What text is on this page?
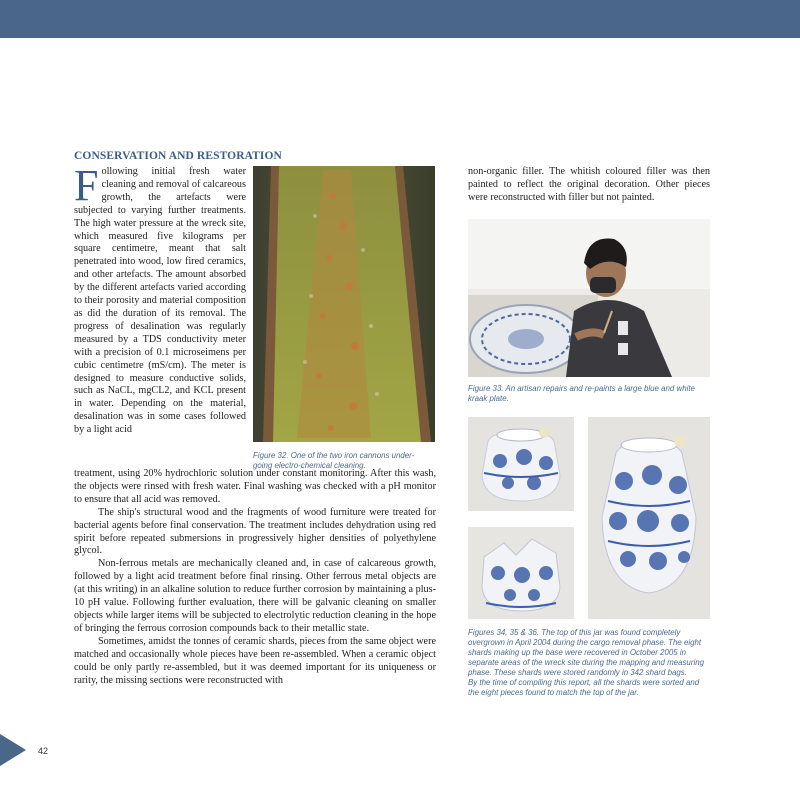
CONSERVATION AND RESTORATION
Following initial fresh water cleaning and removal of calcareous growth, the artefacts were subjected to varying further treatments. The high water pressure at the wreck site, which measured five kilograms per square centimetre, meant that salt penetrated into wood, low fired ceramics, and other artefacts. The amount absorbed by the different artefacts varied according to their porosity and material composition as did the duration of its removal. The progress of desalination was regularly measured by a TDS conductivity meter with a precision of 0.1 microseimens per cubic centimetre (mS/cm). The meter is designed to measure conductive solids, such as NaCL, mgCL2, and KCL present in water. Depending on the material, desalination was in some cases followed by a light acid
Figure 32. One of the two iron cannons under-going electro-chemical cleaning.

treatment, using 20% hydrochloric solution under constant monitoring. After this wash, the objects were rinsed with fresh water. Final washing was checked with a pH monitor to ensure that all acid was removed.

The ship's structural wood and the fragments of wood furniture were treated for bacterial agents before final conservation. The treatment includes dehydration using red spirit before repeated submersions in progressively higher densities of polyethylene glycol.

Non-ferrous metals are mechanically cleaned and, in case of calcareous growth, followed by a light acid treatment before final rinsing. Other ferrous metal objects are (at this writing) in an alkaline solution to reduce further corrosion by maintaining a plus-10 pH value. Following further evaluation, there will be galvanic cleaning on smaller objects while larger items will be subjected to electrolytic reduction cleaning in the hope of bringing the ferrous corrosion compounds back to their metallic state.

Sometimes, amidst the tonnes of ceramic shards, pieces from the same object were matched and occasionally whole pieces have been re-assembled. When a ceramic object could be only partly re-assembled, but it was deemed important for its uniqueness or rarity, the missing sections were reconstructed with

non-organic filler. The whitish coloured filler was then painted to reflect the original decoration. Other pieces were reconstructed with filler but not painted.

Figure 33. An artisan repairs and re-paints a large blue and white kraak plate.
Figures 34, 35 & 36. The top of this jar was found completely overgrown in April 2004 during the cargo removal phase. The eight shards making up the base were recovered in October 2005 in separate areas of the wreck site during the mapping and measuring phase. These shards were stored randomly in 342 shard bags.
By the time of compiling this report, all the shards were sorted and the eight pieces found to match the top of the jar.
42
